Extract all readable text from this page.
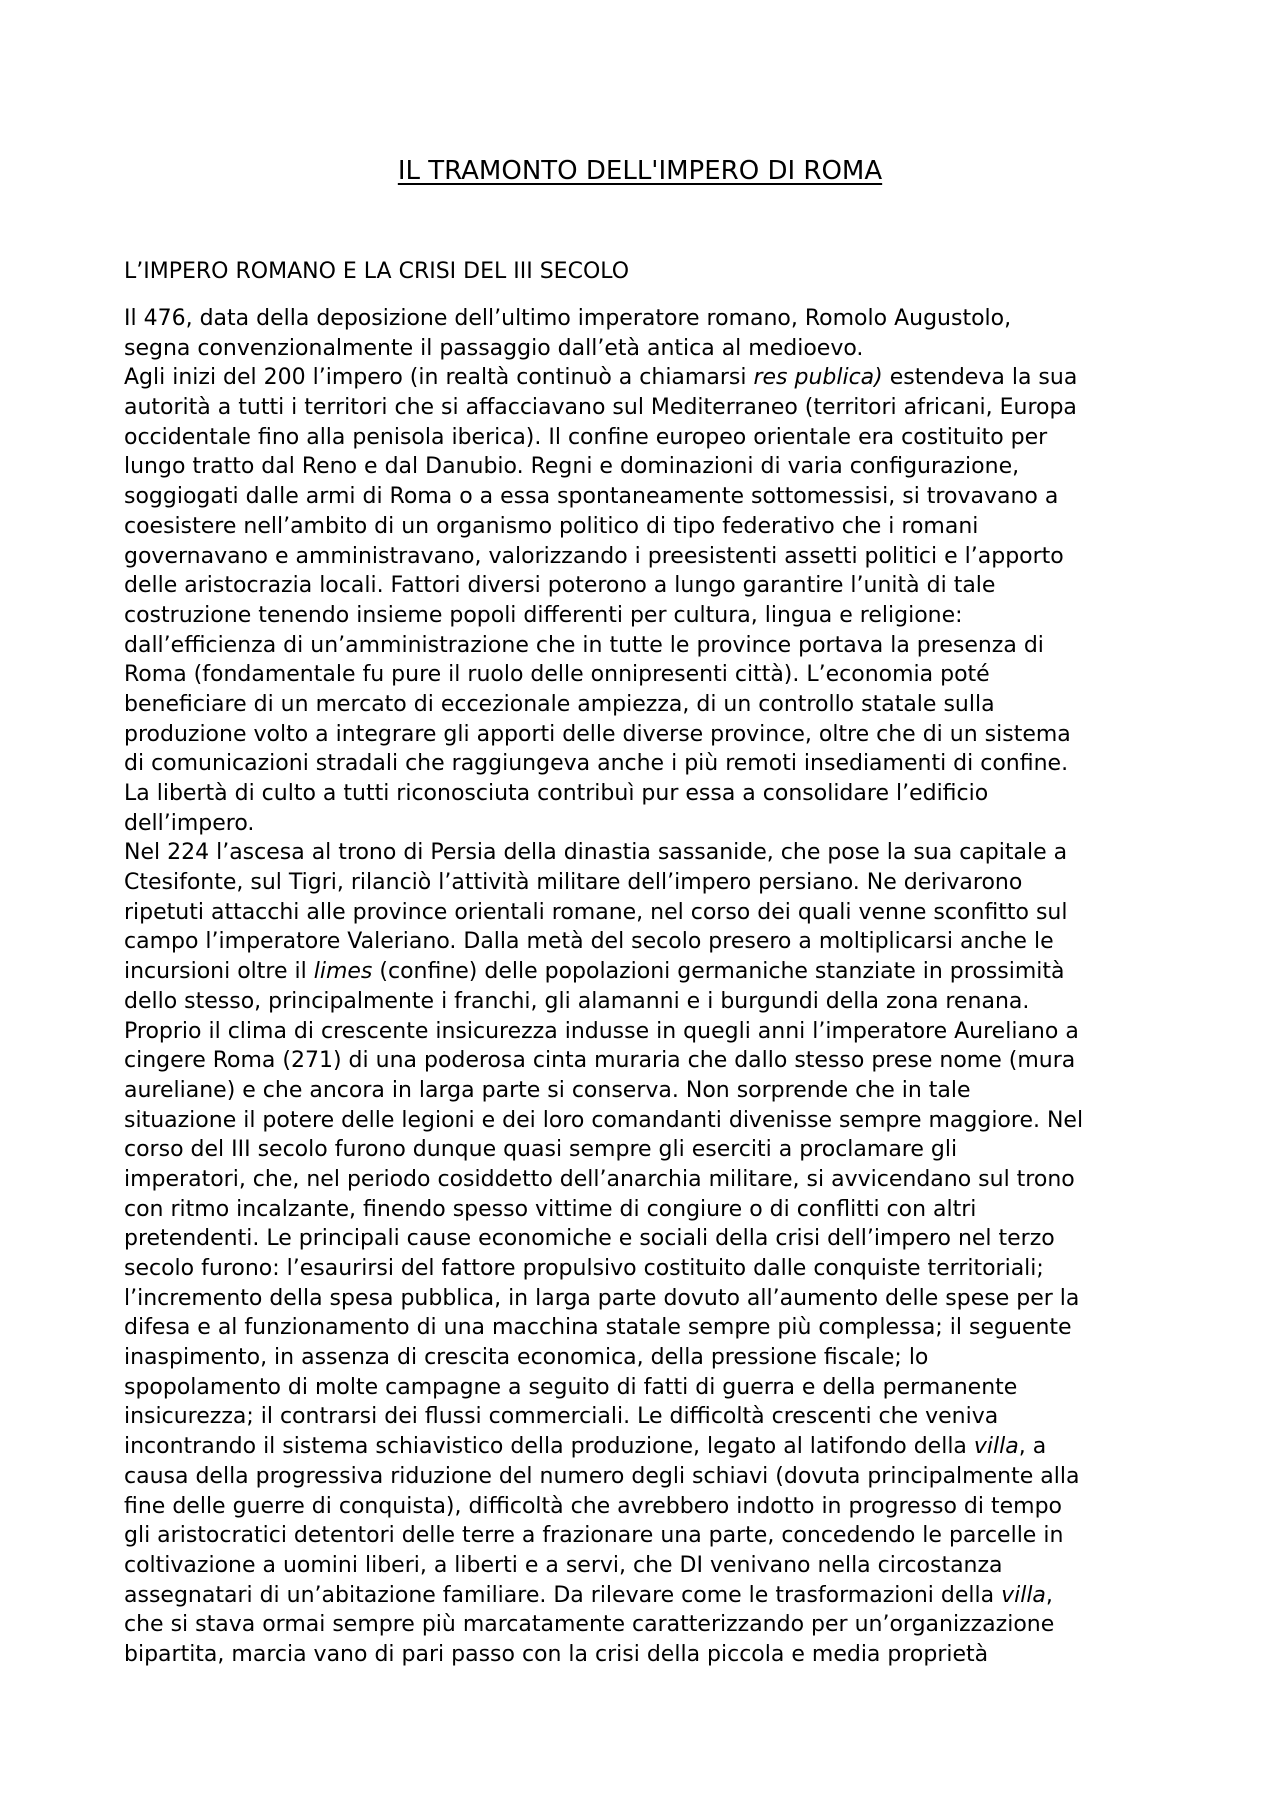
IL TRAMONTO DELL'IMPERO DI ROMA
L’IMPERO ROMANO E LA CRISI DEL III SECOLO
Il 476, data della deposizione dell’ultimo imperatore romano, Romolo Augustolo,
segna convenzionalmente il passaggio dall’età antica al medioevo.
Agli inizi del 200 l’impero (in realtà continuò a chiamarsi res publica) estendeva la sua
autorità a tutti i territori che si affacciavano sul Mediterraneo (territori africani, Europa
occidentale fino alla penisola iberica). Il confine europeo orientale era costituito per
lungo tratto dal Reno e dal Danubio. Regni e dominazioni di varia configurazione,
soggiogati dalle armi di Roma o a essa spontaneamente sottomessisi, si trovavano a
coesistere nell’ambito di un organismo politico di tipo federativo che i romani
governavano e amministravano, valorizzando i preesistenti assetti politici e l’apporto
delle aristocrazia locali. Fattori diversi poterono a lungo garantire l’unità di tale
costruzione tenendo insieme popoli differenti per cultura, lingua e religione:
dall’efficienza di un’amministrazione che in tutte le province portava la presenza di
Roma (fondamentale fu pure il ruolo delle onnipresenti città). L’economia poté
beneficiare di un mercato di eccezionale ampiezza, di un controllo statale sulla
produzione volto a integrare gli apporti delle diverse province, oltre che di un sistema
di comunicazioni stradali che raggiungeva anche i più remoti insediamenti di confine.
La libertà di culto a tutti riconosciuta contribuì pur essa a consolidare l’edificio
dell’impero.
Nel 224 l’ascesa al trono di Persia della dinastia sassanide, che pose la sua capitale a
Ctesifonte, sul Tigri, rilanciò l’attività militare dell’impero persiano. Ne derivarono
ripetuti attacchi alle province orientali romane, nel corso dei quali venne sconfitto sul
campo l’imperatore Valeriano. Dalla metà del secolo presero a moltiplicarsi anche le
incursioni oltre il limes (confine) delle popolazioni germaniche stanziate in prossimità
dello stesso, principalmente i franchi, gli alamanni e i burgundi della zona renana.
Proprio il clima di crescente insicurezza indusse in quegli anni l’imperatore Aureliano a
cingere Roma (271) di una poderosa cinta muraria che dallo stesso prese nome (mura
aureliane) e che ancora in larga parte si conserva. Non sorprende che in tale
situazione il potere delle legioni e dei loro comandanti divenisse sempre maggiore. Nel
corso del III secolo furono dunque quasi sempre gli eserciti a proclamare gli
imperatori, che, nel periodo cosiddetto dell’anarchia militare, si avvicendano sul trono
con ritmo incalzante, finendo spesso vittime di congiure o di conflitti con altri
pretendenti. Le principali cause economiche e sociali della crisi dell’impero nel terzo
secolo furono: l’esaurirsi del fattore propulsivo costituito dalle conquiste territoriali;
l’incremento della spesa pubblica, in larga parte dovuto all’aumento delle spese per la
difesa e al funzionamento di una macchina statale sempre più complessa; il seguente
inaspimento, in assenza di crescita economica, della pressione fiscale; lo
spopolamento di molte campagne a seguito di fatti di guerra e della permanente
insicurezza; il contrarsi dei flussi commerciali. Le difficoltà crescenti che veniva
incontrando il sistema schiavistico della produzione, legato al latifondo della villa, a
causa della progressiva riduzione del numero degli schiavi (dovuta principalmente alla
fine delle guerre di conquista), difficoltà che avrebbero indotto in progresso di tempo
gli aristocratici detentori delle terre a frazionare una parte, concedendo le parcelle in
coltivazione a uomini liberi, a liberti e a servi, che DI venivano nella circostanza
assegnatari di un’abitazione familiare. Da rilevare come le trasformazioni della villa,
che si stava ormai sempre più marcatamente caratterizzando per un’organizzazione
bipartita, marcia vano di pari passo con la crisi della piccola e media proprietà
